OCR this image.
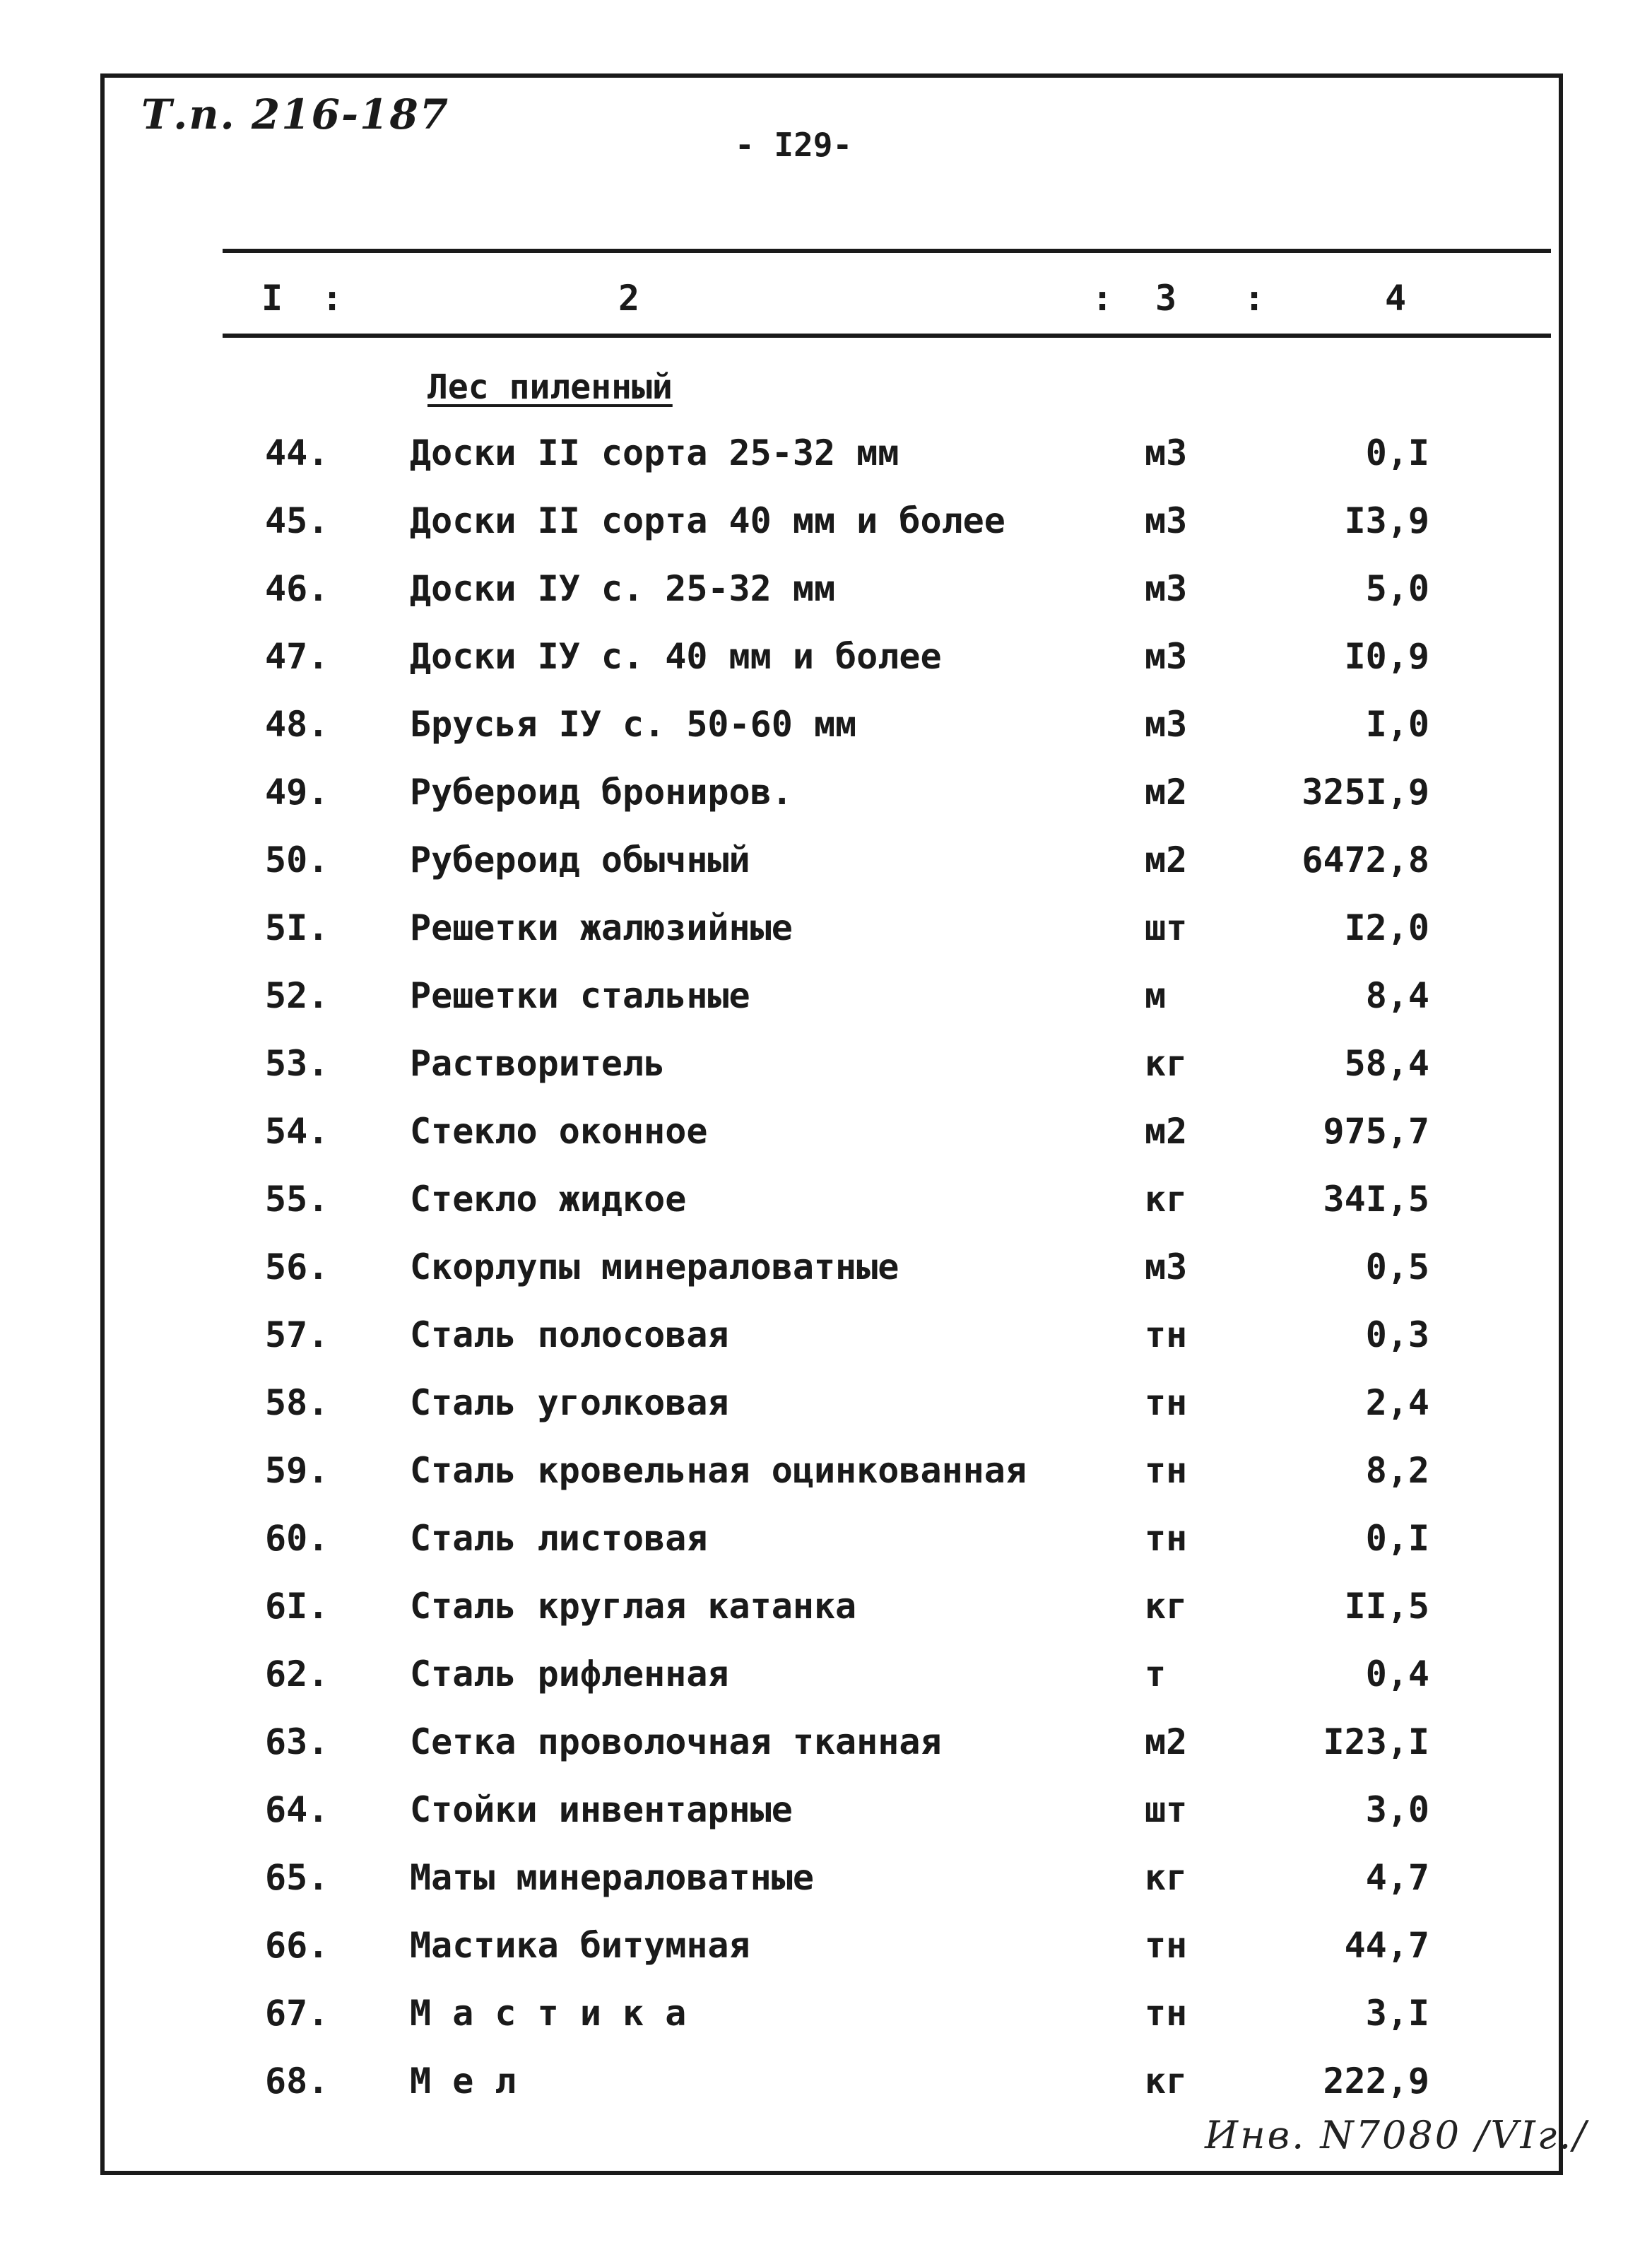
Т.п. 216-187
- I29-
I :	2	: 3 :	4
Лес пиленный
44. Доски II сорта 25-32 мм	м3	0,I
45. Доски II сорта 40 мм и более	м3	I3,9
46. Доски IУ с. 25-32 мм	м3	5,0
47. Доски IУ с. 40 мм и более	м3	I0,9
48. Брусья IУ с. 50-60 мм	м3	I,0
49. Рубероид брониров.	м2	325I,9
50. Рубероид обычный	м2	6472,8
5I. Решетки жалюзийные	шт	I2,0
52. Решетки стальные	м	8,4
53. Растворитель	кг	58,4
54. Стекло оконное	м2	975,7
55. Стекло жидкое	кг	34I,5
56. Скорлупы минераловатные	м3	0,5
57. Сталь полосовая	тн	0,3
58. Сталь уголковая	тн	2,4
59. Сталь кровельная оцинкованная	тн	8,2
60. Сталь листовая	тн	0,I
6I. Сталь круглая катанка	кг	II,5
62. Сталь рифленная	т	0,4
63. Сетка проволочная тканная	м2	I23,I
64. Стойки инвентарные	шт	3,0
65. Маты минераловатные	кг	4,7
66. Мастика битумная	тн	44,7
67. М а с т и к а	тн	3,I
68. М е л	кг	222,9
Инв. N7080 /VIг./
